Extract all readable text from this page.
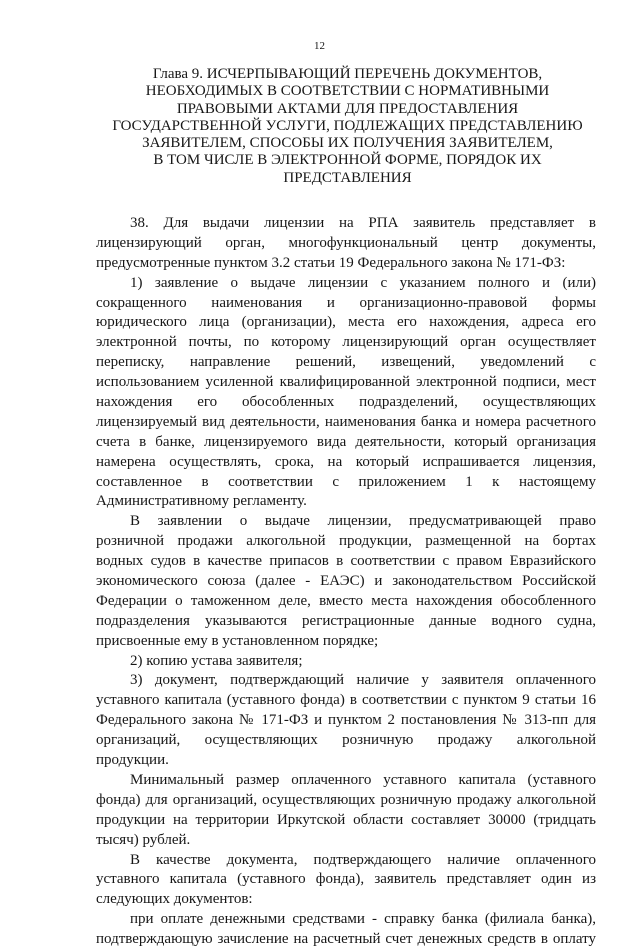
12
Глава 9. ИСЧЕРПЫВАЮЩИЙ ПЕРЕЧЕНЬ ДОКУМЕНТОВ,
НЕОБХОДИМЫХ В СООТВЕТСТВИИ С НОРМАТИВНЫМИ
ПРАВОВЫМИ АКТАМИ ДЛЯ ПРЕДОСТАВЛЕНИЯ
ГОСУДАРСТВЕННОЙ УСЛУГИ, ПОДЛЕЖАЩИХ ПРЕДСТАВЛЕНИЮ
ЗАЯВИТЕЛЕМ, СПОСОБЫ ИХ ПОЛУЧЕНИЯ ЗАЯВИТЕЛЕМ,
В ТОМ ЧИСЛЕ В ЭЛЕКТРОННОЙ ФОРМЕ, ПОРЯДОК ИХ
ПРЕДСТАВЛЕНИЯ
38. Для выдачи лицензии на РПА заявитель представляет в
лицензирующий орган, многофункциональный центр документы,
предусмотренные пунктом 3.2 статьи 19 Федерального закона № 171-ФЗ:
1) заявление о выдаче лицензии с указанием полного и (или)
сокращенного наименования и организационно-правовой формы
юридического лица (организации), места его нахождения, адреса его
электронной почты, по которому лицензирующий орган осуществляет
переписку, направление решений, извещений, уведомлений с
использованием усиленной квалифицированной электронной подписи, мест
нахождения его обособленных подразделений, осуществляющих
лицензируемый вид деятельности, наименования банка и номера расчетного
счета в банке, лицензируемого вида деятельности, который организация
намерена осуществлять, срока, на который испрашивается лицензия,
составленное в соответствии с приложением 1 к настоящему
Административному регламенту.
В заявлении о выдаче лицензии, предусматривающей право
розничной продажи алкогольной продукции, размещенной на бортах
водных судов в качестве припасов в соответствии с правом Евразийского
экономического союза (далее - ЕАЭС) и законодательством Российской
Федерации о таможенном деле, вместо места нахождения обособленного
подразделения указываются регистрационные данные водного судна,
присвоенные ему в установленном порядке;
2) копию устава заявителя;
3) документ, подтверждающий наличие у заявителя оплаченного
уставного капитала (уставного фонда) в соответствии с пунктом 9 статьи 16
Федерального закона № 171-ФЗ и пунктом 2 постановления № 313-пп для
организаций, осуществляющих розничную продажу алкогольной
продукции.
Минимальный размер оплаченного уставного капитала (уставного
фонда) для организаций, осуществляющих розничную продажу алкогольной
продукции на территории Иркутской области составляет 30000 (тридцать
тысяч) рублей.
В качестве документа, подтверждающего наличие оплаченного
уставного капитала (уставного фонда), заявитель представляет один из
следующих документов:
при оплате денежными средствами - справку банка (филиала банка),
подтверждающую зачисление на расчетный счет денежных средств в оплату
